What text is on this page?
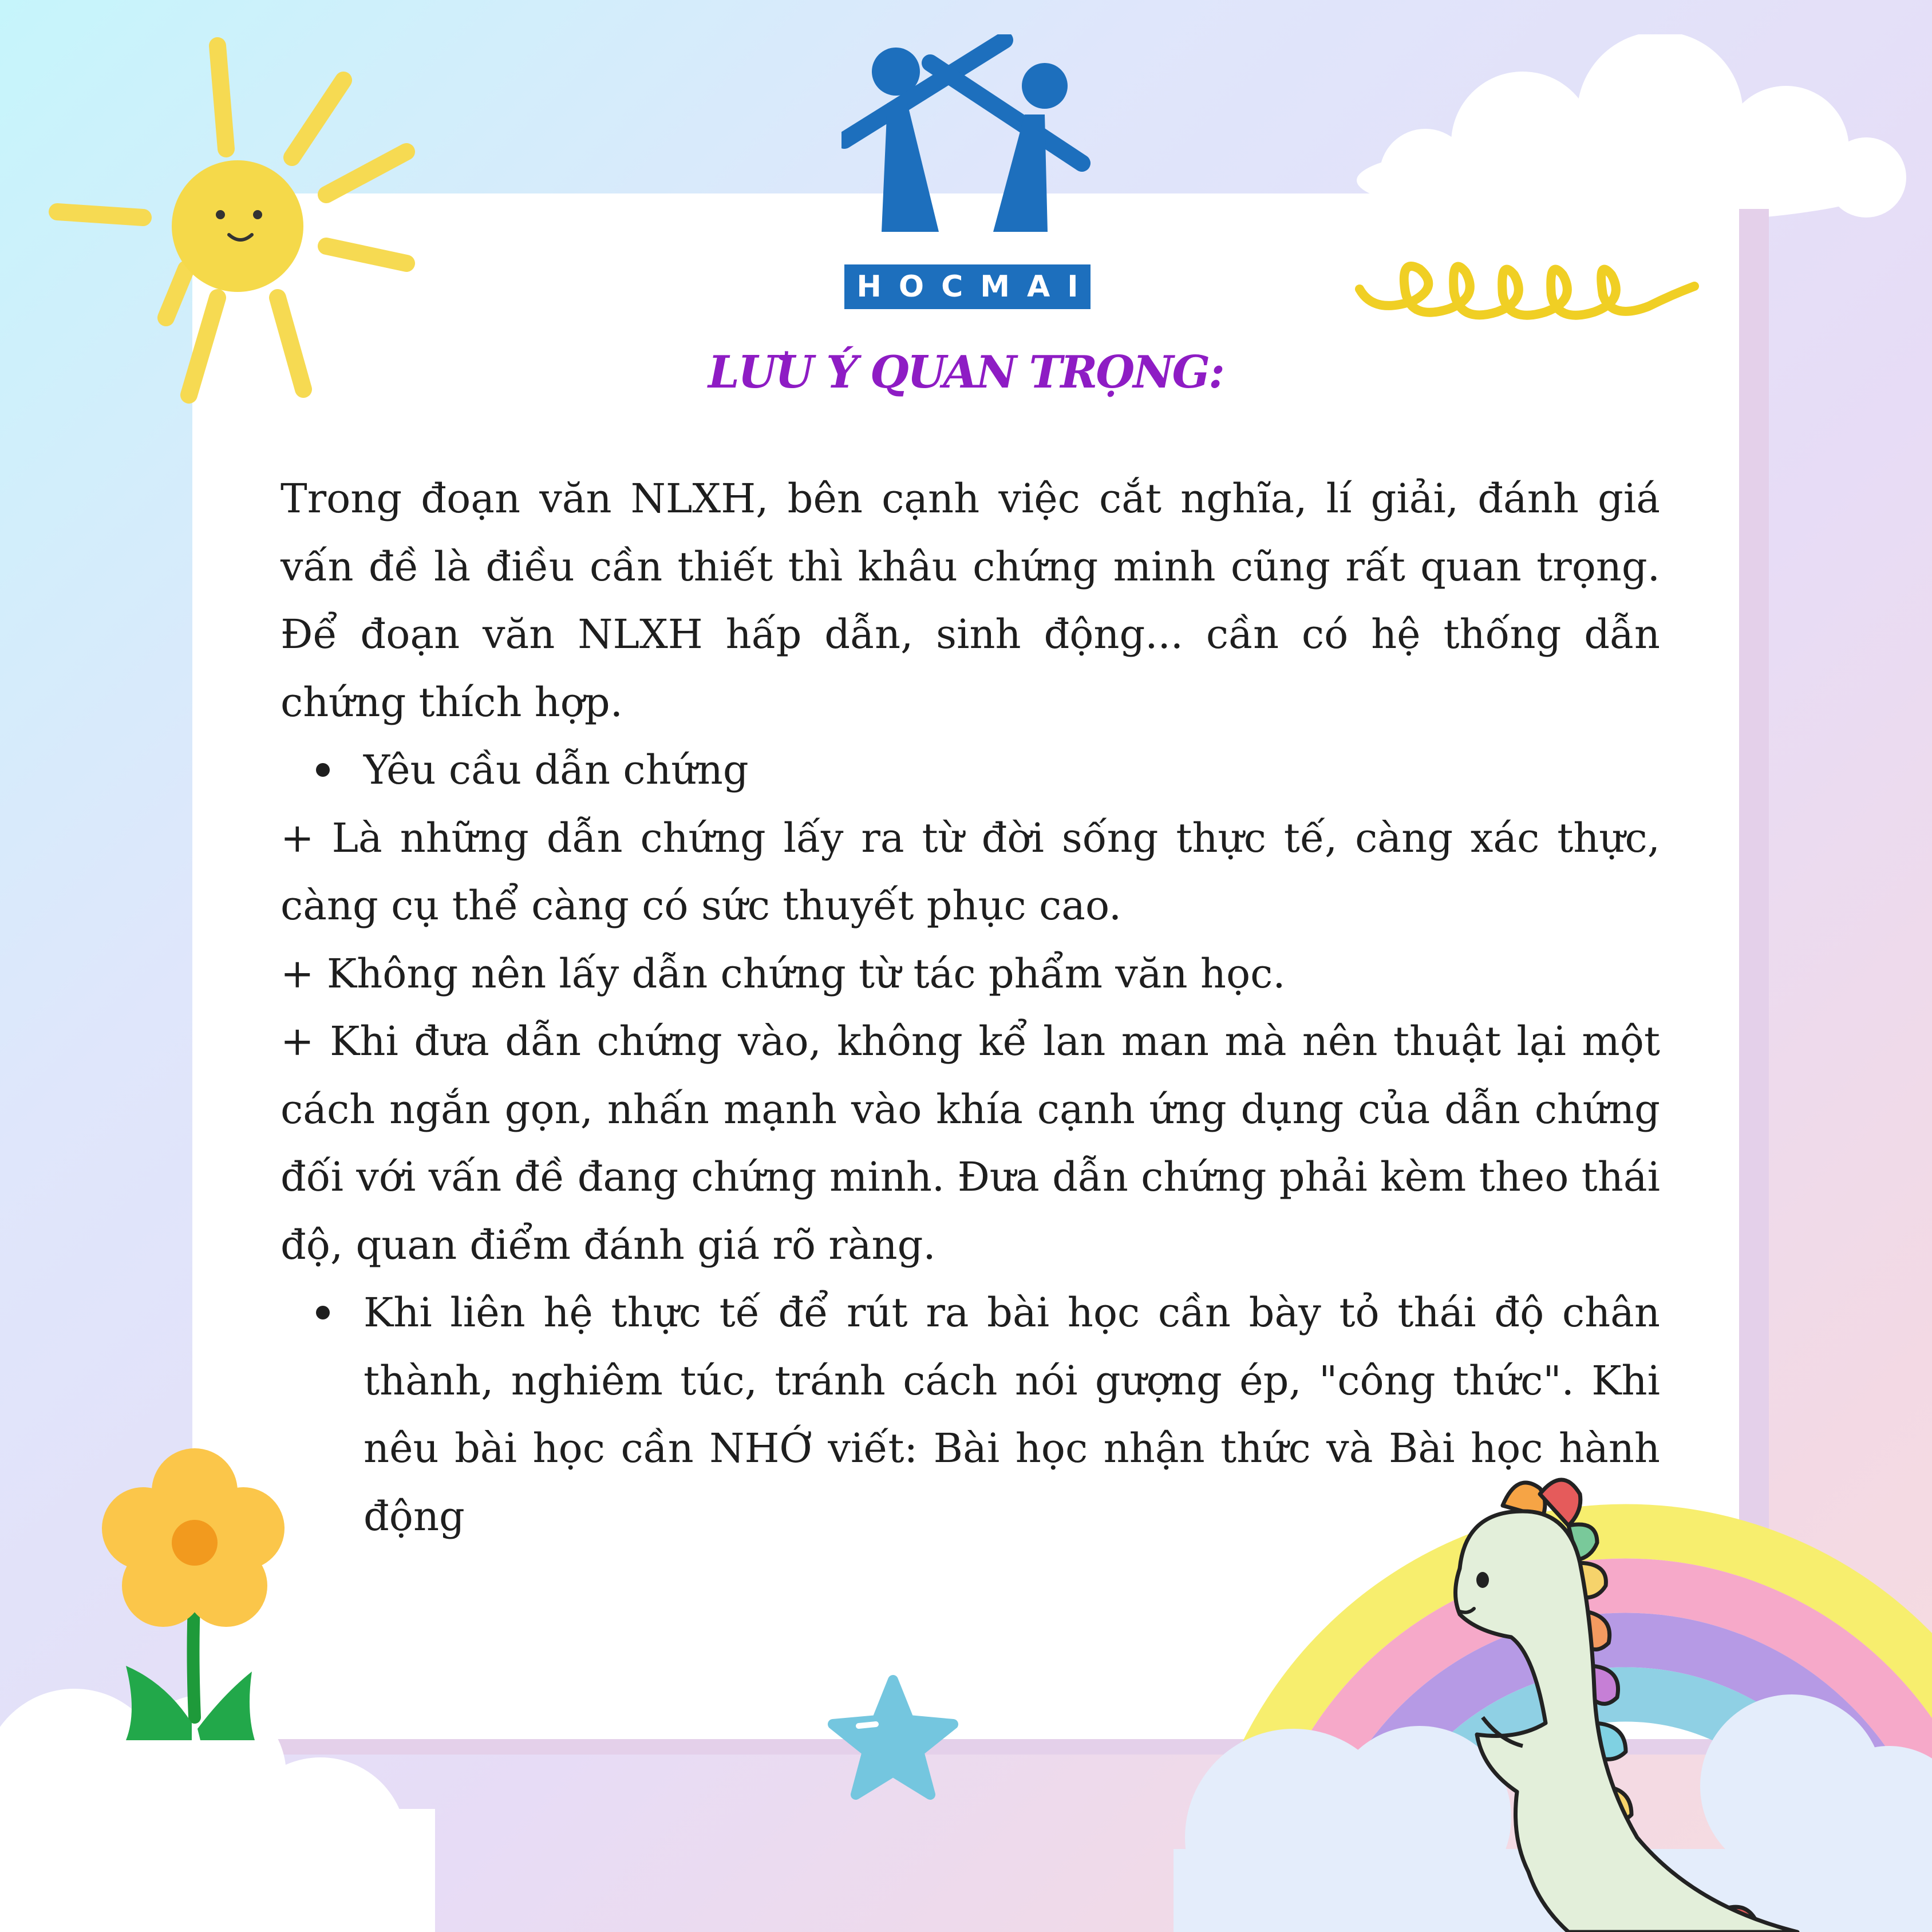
HOCMAI
LƯU Ý QUAN TRỌNG:

Trong đoạn văn NLXH, bên cạnh việc cắt nghĩa, lí giải, đánh giá vấn đề là điều cần thiết thì khâu chứng minh cũng rất quan trọng. Để đoạn văn NLXH hấp dẫn, sinh động... cần có hệ thống dẫn chứng thích hợp.

Yêu cầu dẫn chứng

+ Là những dẫn chứng lấy ra từ đời sống thực tế, càng xác thực, càng cụ thể càng có sức thuyết phục cao.

+ Không nên lấy dẫn chứng từ tác phẩm văn học.

+ Khi đưa dẫn chứng vào, không kể lan man mà nên thuật lại một cách ngắn gọn, nhấn mạnh vào khía cạnh ứng dụng của dẫn chứng đối với vấn đề đang chứng minh. Đưa dẫn chứng phải kèm theo thái độ, quan điểm đánh giá rõ ràng.

Khi liên hệ thực tế để rút ra bài học cần bày tỏ thái độ chân thành, nghiêm túc, tránh cách nói gượng ép, "công thức". Khi nêu bài học cần NHỚ viết: Bài học nhận thức và Bài học hành động
